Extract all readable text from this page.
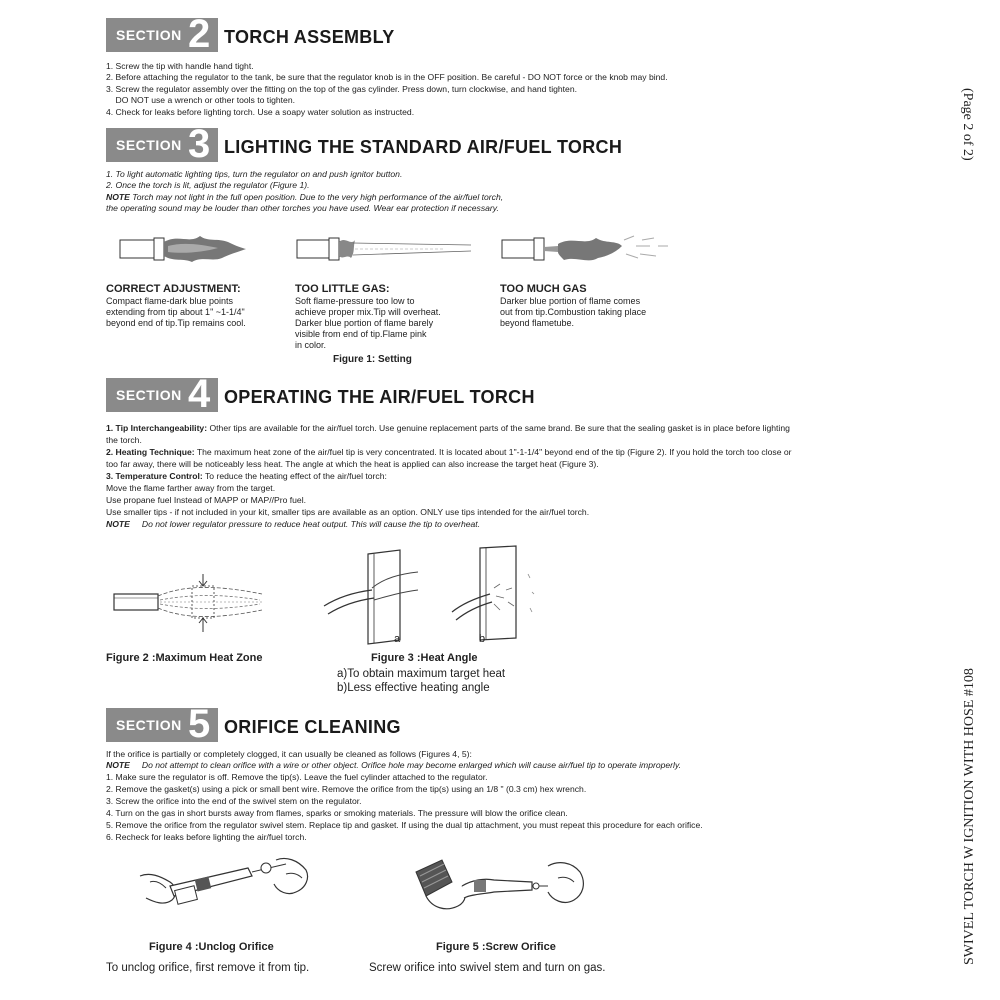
(Page 2 of 2)
SWIVEL TORCH W IGNITION WITH HOSE #108
SECTION 2 TORCH ASSEMBLY
1. Screw the tip with handle hand tight.
2. Before attaching the regulator to the tank, be sure that the regulator knob is in the OFF position. Be careful - DO NOT force or the knob may bind.
3. Screw the regulator assembly over the fitting on the top of the gas cylinder. Press down, turn clockwise, and hand tighten.
DO NOT use a wrench or other tools to tighten.
4. Check for leaks before lighting torch. Use a soapy water solution as instructed.
SECTION 3 LIGHTING THE STANDARD AIR/FUEL TORCH
1. To light automatic lighting tips, turn the regulator on and push ignitor button.
2. Once the torch is lit, adjust the regulator (Figure 1).
NOTE Torch may not light in the full open position. Due to the very high performance of the air/fuel torch,
the operating sound may be louder than other torches you have used. Wear ear protection if necessary.
CORRECT ADJUSTMENT:
Compact flame-dark blue points
extending from tip about 1" ~1-1/4"
beyond end of tip.Tip remains cool.
TOO LITTLE GAS:
Soft flame-pressure too low to
achieve proper mix.Tip will overheat.
Darker blue portion of flame barely
visible from end of tip.Flame pink
in color.
TOO MUCH GAS
Darker blue portion of flame comes
out from tip.Combustion taking place
beyond flametube.
Figure 1: Setting
SECTION 4 OPERATING THE AIR/FUEL TORCH
1. Tip Interchangeability: Other tips are available for the air/fuel torch. Use genuine replacement parts of the same brand. Be sure that the sealing gasket is in place before lighting
the torch.
2. Heating Technique: The maximum heat zone of the air/fuel tip is very concentrated. It is located about 1"-1-1/4" beyond end of the tip (Figure 2). If you hold the torch too close or
too far away, there will be noticeably less heat. The angle at which the heat is applied can also increase the target heat (Figure 3).
3. Temperature Control: To reduce the heating effect of the air/fuel torch:
Move the flame farther away from the target.
Use propane fuel Instead of MAPP or MAP//Pro fuel.
Use smaller tips - if not included in your kit, smaller tips are available as an option. ONLY use tips intended for the air/fuel torch.
NOTE Do not lower regulator pressure to reduce heat output. This will cause the tip to overheat.
Figure 2 :Maximum Heat Zone
a	b
Figure 3 :Heat Angle
a)To obtain maximum target heat
b)Less effective heating angle
SECTION 5 ORIFICE CLEANING
If the orifice is partially or completely clogged, it can usually be cleaned as follows (Figures 4, 5):
NOTE Do not attempt to clean orifice with a wire or other object. Orifice hole may become enlarged which will cause air/fuel tip to operate improperly.
1. Make sure the regulator is off. Remove the tip(s). Leave the fuel cylinder attached to the regulator.
2. Remove the gasket(s) using a pick or small bent wire. Remove the orifice from the tip(s) using an 1/8 " (0.3 cm) hex wrench.
3. Screw the orifice into the end of the swivel stem on the regulator.
4. Turn on the gas in short bursts away from flames, sparks or smoking materials. The pressure will blow the orifice clean.
5. Remove the orifice from the regulator swivel stem. Replace tip and gasket. If using the dual tip attachment, you must repeat this procedure for each orifice.
6. Recheck for leaks before lighting the air/fuel torch.
Figure 4 :Unclog Orifice
To unclog orifice, first remove it from tip.
Figure 5 :Screw Orifice
Screw orifice into swivel stem and turn on gas.
